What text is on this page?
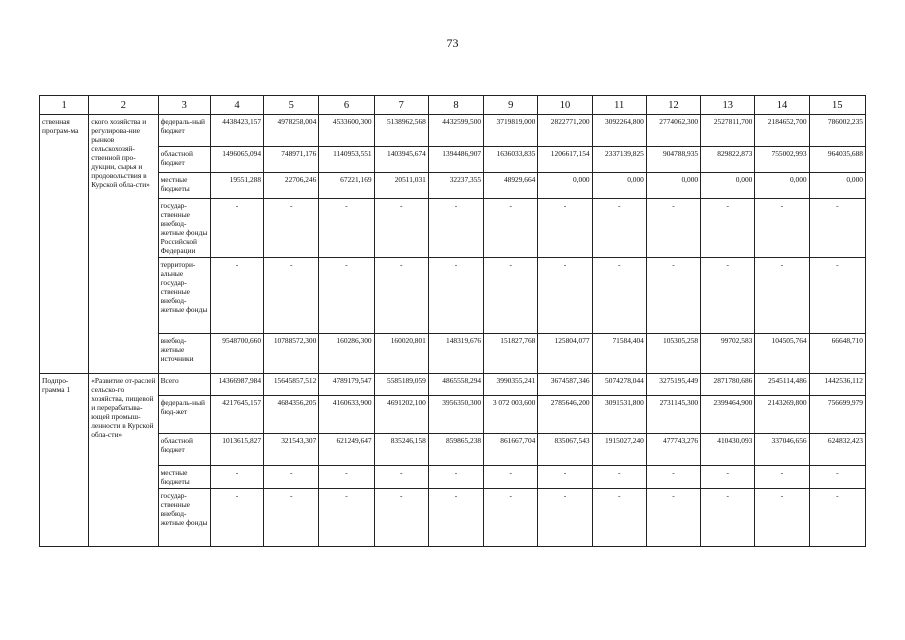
73
1	2	3	4	5	6	7	8	9	10	11	12	13	14	15
ственная програм-ма	ского хозяйства и регулирова-ние рынков сельскохозяй-ственной про-дукции, сырья и продовольствия в Курской обла-сти»	федераль-ный бюджет	4438423,157	4978258,004	4533600,300	5138962,568	4432599,500	3719819,000	2822771,200	3092264,800	2774062,300	2527811,700	2184652,700	786002,235
		областной бюджет	1496065,094	748971,176	1140953,551	1403945,674	1394486,907	1636033,835	1206617,154	2337139,825	904788,935	829822,873	755002,993	964035,688
		местные бюджеты	19551,288	22706,246	67221,169	20511,031	32237,355	48929,664	0,000	0,000	0,000	0,000	0,000	0,000
		государ-ственные внебюд-жетные фонды Российской Федерации	-	-	-	-	-	-	-	-	-	-	-	-
		территори-альные государ-ственные внебюд-жетные фонды	-	-	-	-	-	-	-	-	-	-	-	-
		внебюд-жетные источники	9548700,660	10788572,300	160286,300	160020,801	148319,676	151827,768	125804,077	71584,404	105305,258	99702,583	104505,764	66648,710
Подпро-грамма 1	«Развитие от-раслей сельско-го хозяйства, пищевой и перерабатыва-ющей промыш-ленности в Курской обла-сти»	Всего	14366987,984	15645857,512	4789179,547	5585189,059	4865558,294	3990355,241	3674587,346	5074278,044	3275195,449	2871780,686	2545114,486	1442536,112
		федераль-ный бюд-жет	4217645,157	4684356,205	4160633,900	4691202,100	3956350,300	3 072 003,600	2785646,200	3091531,800	2731145,300	2399464,900	2143269,800	756699,979
		областной бюджет	1013615,827	321543,307	621249,647	835246,158	859865,238	861667,704	835067,543	1915027,240	477743,276	410430,093	337046,656	624832,423
		местные бюджеты	-	-	-	-	-	-	-	-	-	-	-	-
		государ-ственные внебюд-жетные фонды	-	-	-	-	-	-	-	-	-	-	-	-
